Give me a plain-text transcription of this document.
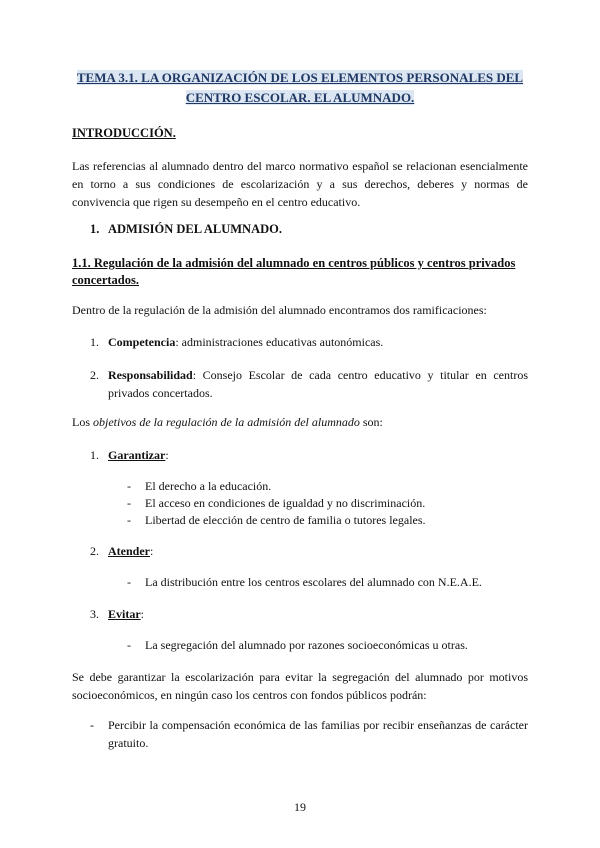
TEMA 3.1. LA ORGANIZACIÓN DE LOS ELEMENTOS PERSONALES DEL
CENTRO ESCOLAR. EL ALUMNADO.
INTRODUCCIÓN.
Las referencias al alumnado dentro del marco normativo español se relacionan esencialmente en torno a sus condiciones de escolarización y a sus derechos, deberes y normas de convivencia que rigen su desempeño en el centro educativo.
1. ADMISIÓN DEL ALUMNADO.
1.1. Regulación de la admisión del alumnado en centros públicos y centros privados
concertados.
Dentro de la regulación de la admisión del alumnado encontramos dos ramificaciones:
1. Competencia: administraciones educativas autonómicas.
2. Responsabilidad: Consejo Escolar de cada centro educativo y titular en centros privados concertados.
Los objetivos de la regulación de la admisión del alumnado son:
1. Garantizar:
- El derecho a la educación.
- El acceso en condiciones de igualdad y no discriminación.
- Libertad de elección de centro de familia o tutores legales.
2. Atender:
- La distribución entre los centros escolares del alumnado con N.E.A.E.
3. Evitar:
- La segregación del alumnado por razones socioeconómicas u otras.
Se debe garantizar la escolarización para evitar la segregación del alumnado por motivos socioeconómicos, en ningún caso los centros con fondos públicos podrán:
- Percibir la compensación económica de las familias por recibir enseñanzas de carácter gratuito.
19
